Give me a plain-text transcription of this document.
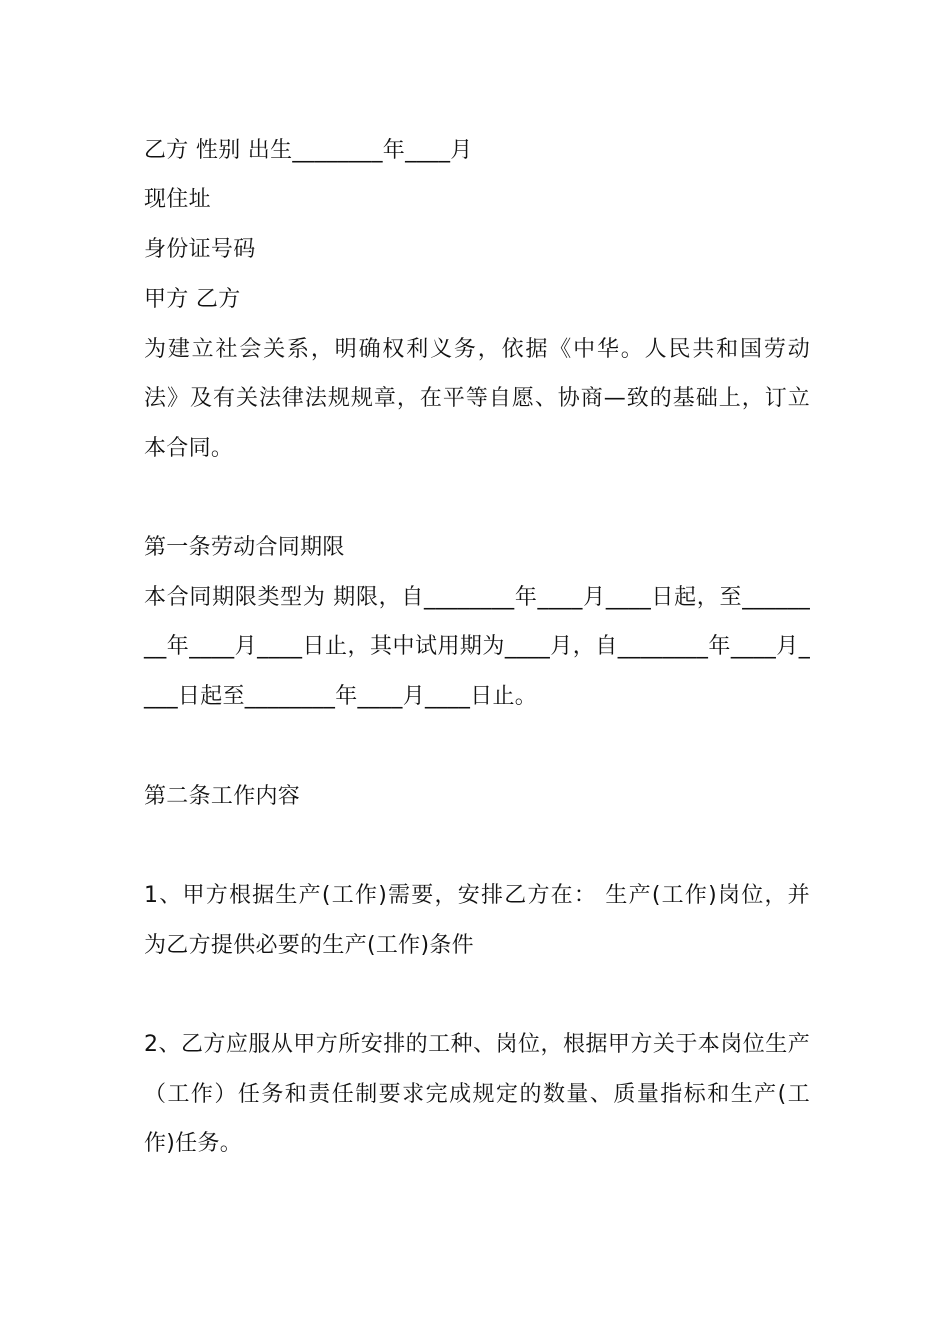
乙方 性别 出生________年____月
现住址
身份证号码
甲方 乙方
为建立社会关系，明确权利义务，依据《中华。人民共和国劳动
法》及有关法律法规规章，在平等自愿、协商—致的基础上，订立
本合同。
第一条劳动合同期限
本合同期限类型为 期限，自________年____月____日起，至______
__年____月____日止，其中试用期为____月，自________年____月_
___日起至________年____月____日止。
第二条工作内容
1、甲方根据生产(工作)需要，安排乙方在： 生产(工作)岗位，并
为乙方提供必要的生产(工作)条件
2、乙方应服从甲方所安排的工种、岗位，根据甲方关于本岗位生产
（工作）任务和责任制要求完成规定的数量、质量指标和生产(工
作)任务。
